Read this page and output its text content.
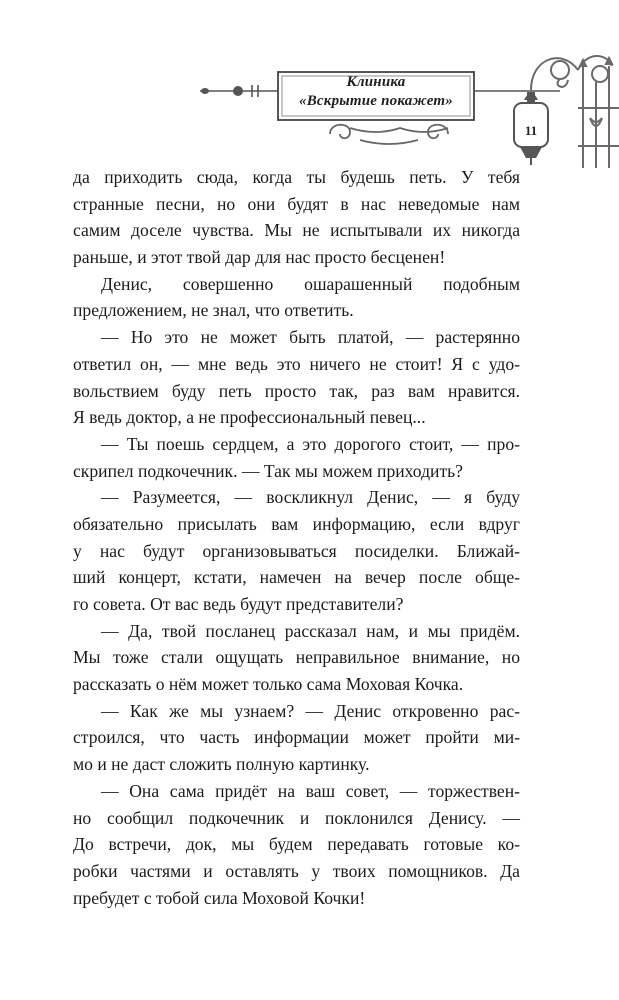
Клиника
«Вскрытие покажет»
11
да приходить сюда, когда ты будешь петь. У тебя
странные песни, но они будят в нас неведомые нам
самим доселе чувства. Мы не испытывали их никогда
раньше, и этот твой дар для нас просто бесценен!
Денис, совершенно ошарашенный подобным
предложением, не знал, что ответить.
— Но это не может быть платой, — растерянно
ответил он, — мне ведь это ничего не стоит! Я с удо-
вольствием буду петь просто так, раз вам нравится.
Я ведь доктор, а не профессиональный певец...
— Ты поешь сердцем, а это дорогого стоит, — про-
скрипел подкочечник. — Так мы можем приходить?
— Разумеется, — воскликнул Денис, — я буду
обязательно присылать вам информацию, если вдруг
у нас будут организовываться посиделки. Ближай-
ший концерт, кстати, намечен на вечер после обще-
го совета. От вас ведь будут представители?
— Да, твой посланец рассказал нам, и мы придём.
Мы тоже стали ощущать неправильное внимание, но
рассказать о нём может только сама Моховая Кочка.
— Как же мы узнаем? — Денис откровенно рас-
строился, что часть информации может пройти ми-
мо и не даст сложить полную картинку.
— Она сама придёт на ваш совет, — торжествен-
но сообщил подкочечник и поклонился Денису. —
До встречи, док, мы будем передавать готовые ко-
робки частями и оставлять у твоих помощников. Да
пребудет с тобой сила Моховой Кочки!
